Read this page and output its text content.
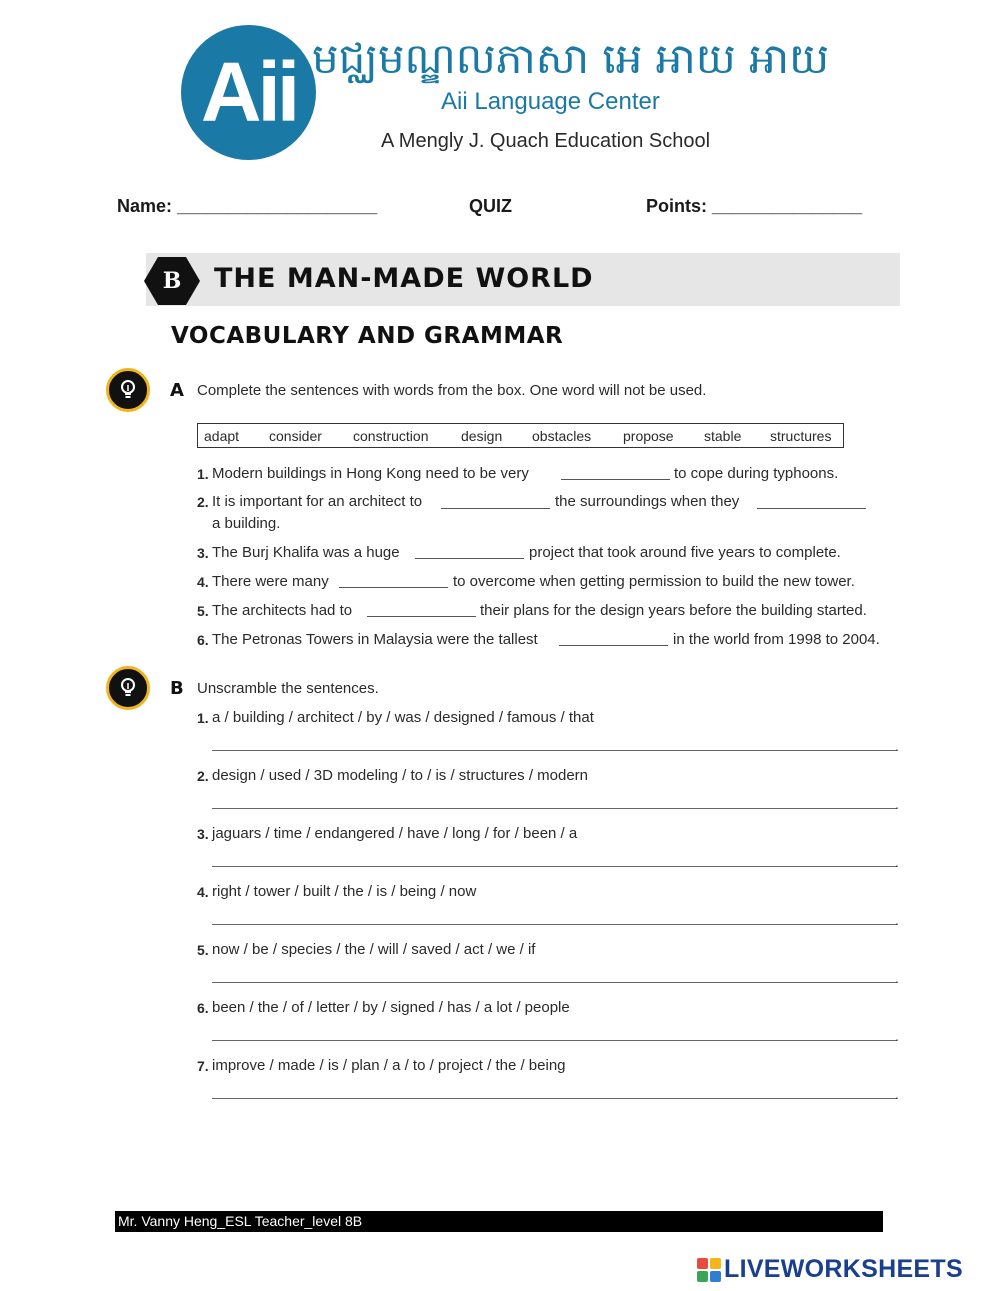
Aii មជ្ឈមណ្ឌលភាសា អេ អាយ អាយ
Aii Language Center
A Mengly J. Quach Education School
Name: ____________________	QUIZ	Points: _______________
B	THE MAN-MADE WORLD
VOCABULARY AND GRAMMAR
A Complete the sentences with words from the box. One word will not be used.
adapt consider construction design obstacles propose stable structures
1. Modern buildings in Hong Kong need to be very	to cope during typhoons.
2. It is important for an architect to	the surroundings when they
a building.
3. The Burj Khalifa was a huge	project that took around five years to complete.
4. There were many	to overcome when getting permission to build the new tower.
5. The architects had to	their plans for the design years before the building started.
6. The Petronas Towers in Malaysia were the tallest	in the world from 1998 to 2004.
B Unscramble the sentences.
1. a / building / architect / by / was / designed / famous / that
.
2. design / used / 3D modeling / to / is / structures / modern
.
3. jaguars / time / endangered / have / long / for / been / a
.
4. right / tower / built / the / is / being / now
.
5. now / be / species / the / will / saved / act / we / if
.
6. been / the / of / letter / by / signed / has / a lot / people
.
7. improve / made / is / plan / a / to / project / the / being
.
Mr. Vanny Heng_ESL Teacher_level 8B
LIVEWORKSHEETS
